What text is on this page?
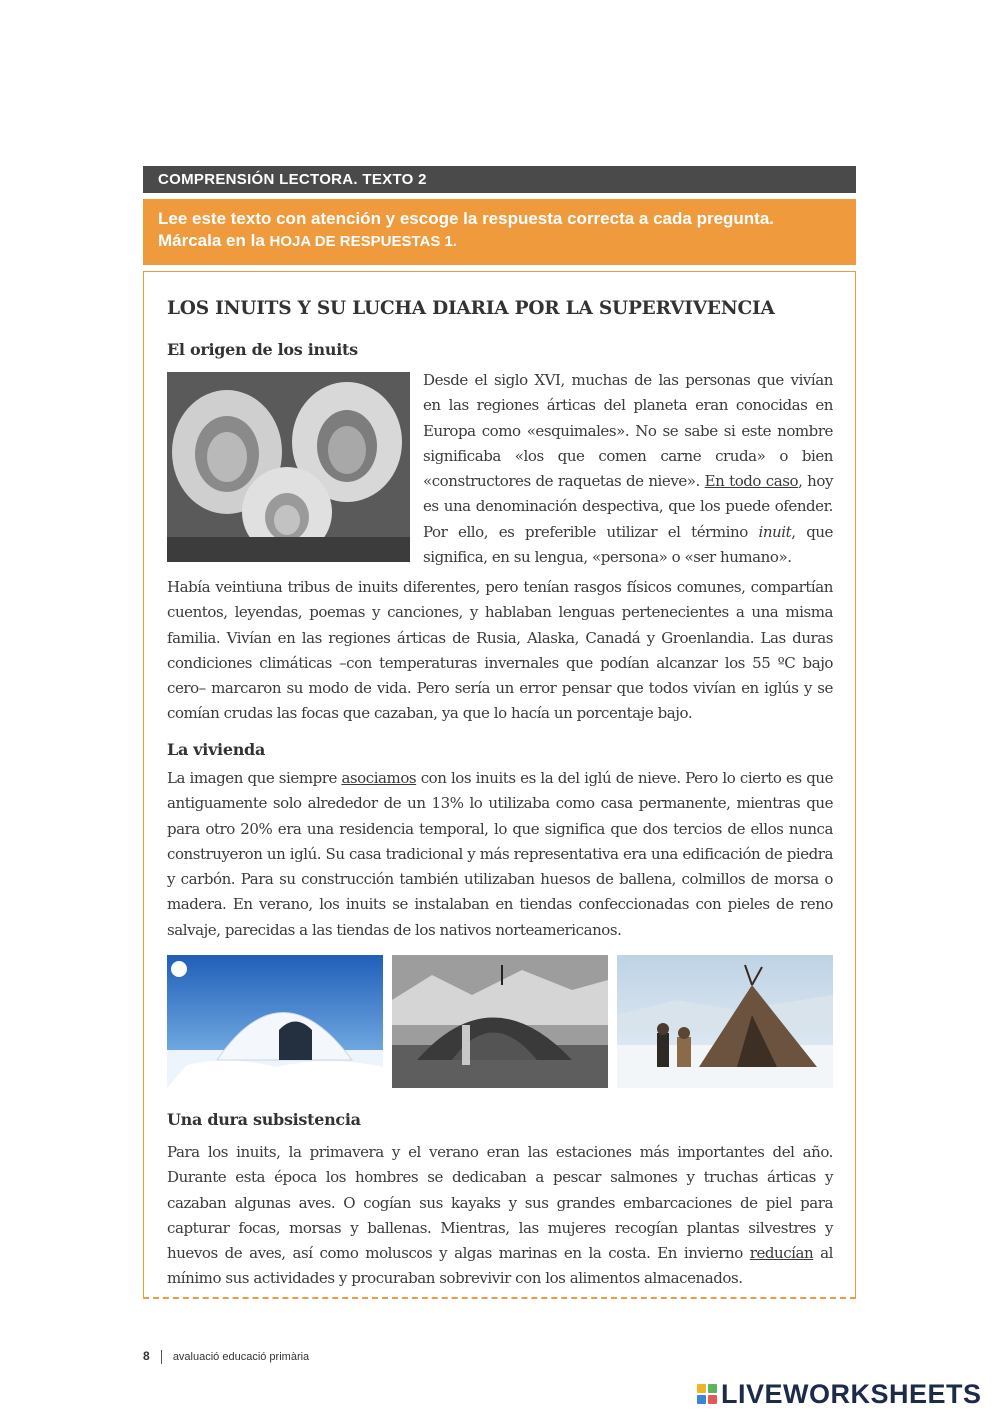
COMPRENSIÓN LECTORA. TEXTO 2
Lee este texto con atención y escoge la respuesta correcta a cada pregunta. Márcala en la HOJA DE RESPUESTAS 1.
LOS INUITS Y SU LUCHA DIARIA POR LA SUPERVIVENCIA
El origen de los inuits

Desde el siglo XVI, muchas de las personas que vivían en las regiones árticas del planeta eran conocidas en Europa como «esquimales». No se sabe si este nombre significaba «los que comen carne cruda» o bien «constructores de raquetas de nieve». En todo caso, hoy es una denominación despectiva, que los puede ofender. Por ello, es preferible utilizar el término inuit, que significa, en su lengua, «persona» o «ser humano».

Había veintiuna tribus de inuits diferentes, pero tenían rasgos físicos comunes, compartían cuentos, leyendas, poemas y canciones, y hablaban lenguas pertenecientes a una misma familia. Vivían en las regiones árticas de Rusia, Alaska, Canadá y Groenlandia. Las duras condiciones climáticas –con temperaturas invernales que podían alcanzar los 55 ºC bajo cero– marcaron su modo de vida. Pero sería un error pensar que todos vivían en iglús y se comían crudas las focas que cazaban, ya que lo hacía un porcentaje bajo.

La vivienda

La imagen que siempre asociamos con los inuits es la del iglú de nieve. Pero lo cierto es que antiguamente solo alrededor de un 13% lo utilizaba como casa permanente, mientras que para otro 20% era una residencia temporal, lo que significa que dos tercios de ellos nunca construyeron un iglú. Su casa tradicional y más representativa era una edificación de piedra y carbón. Para su construcción también utilizaban huesos de ballena, colmillos de morsa o madera. En verano, los inuits se instalaban en tiendas confeccionadas con pieles de reno salvaje, parecidas a las tiendas de los nativos norteamericanos.

Una dura subsistencia

Para los inuits, la primavera y el verano eran las estaciones más importantes del año. Durante esta época los hombres se dedicaban a pescar salmones y truchas árticas y cazaban algunas aves. O cogían sus kayaks y sus grandes embarcaciones de piel para capturar focas, morsas y ballenas. Mientras, las mujeres recogían plantas silvestres y huevos de aves, así como moluscos y algas marinas en la costa. En invierno reducían al mínimo sus actividades y procuraban sobrevivir con los alimentos almacenados.

8 avaluació educació primària
LIVEWORKSHEETS
